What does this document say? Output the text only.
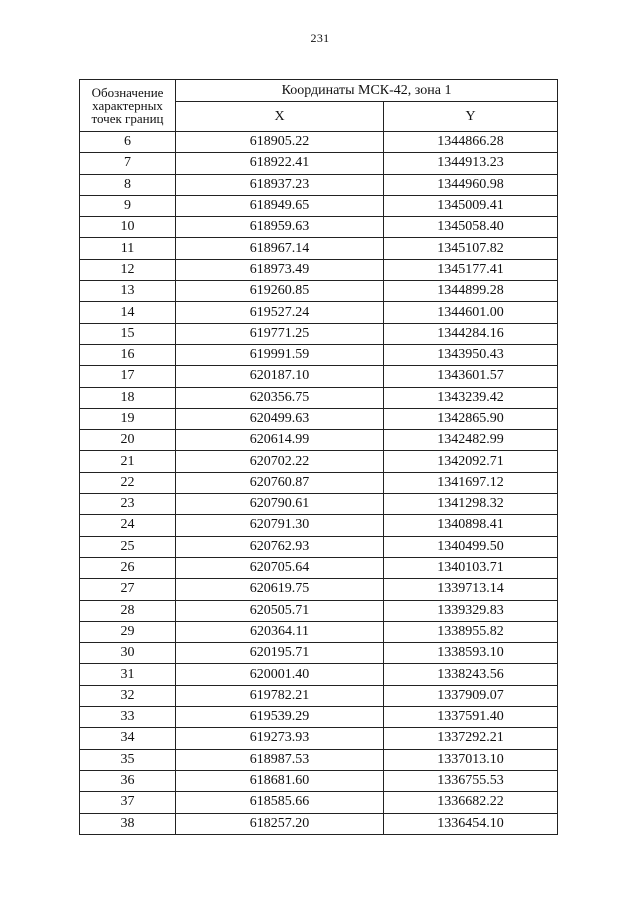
231
Обозначение
характерных
точек границ	Координаты МСК-42, зона 1	
	X	Y
6	618905.22	1344866.28
7	618922.41	1344913.23
8	618937.23	1344960.98
9	618949.65	1345009.41
10	618959.63	1345058.40
11	618967.14	1345107.82
12	618973.49	1345177.41
13	619260.85	1344899.28
14	619527.24	1344601.00
15	619771.25	1344284.16
16	619991.59	1343950.43
17	620187.10	1343601.57
18	620356.75	1343239.42
19	620499.63	1342865.90
20	620614.99	1342482.99
21	620702.22	1342092.71
22	620760.87	1341697.12
23	620790.61	1341298.32
24	620791.30	1340898.41
25	620762.93	1340499.50
26	620705.64	1340103.71
27	620619.75	1339713.14
28	620505.71	1339329.83
29	620364.11	1338955.82
30	620195.71	1338593.10
31	620001.40	1338243.56
32	619782.21	1337909.07
33	619539.29	1337591.40
34	619273.93	1337292.21
35	618987.53	1337013.10
36	618681.60	1336755.53
37	618585.66	1336682.22
38	618257.20	1336454.10
